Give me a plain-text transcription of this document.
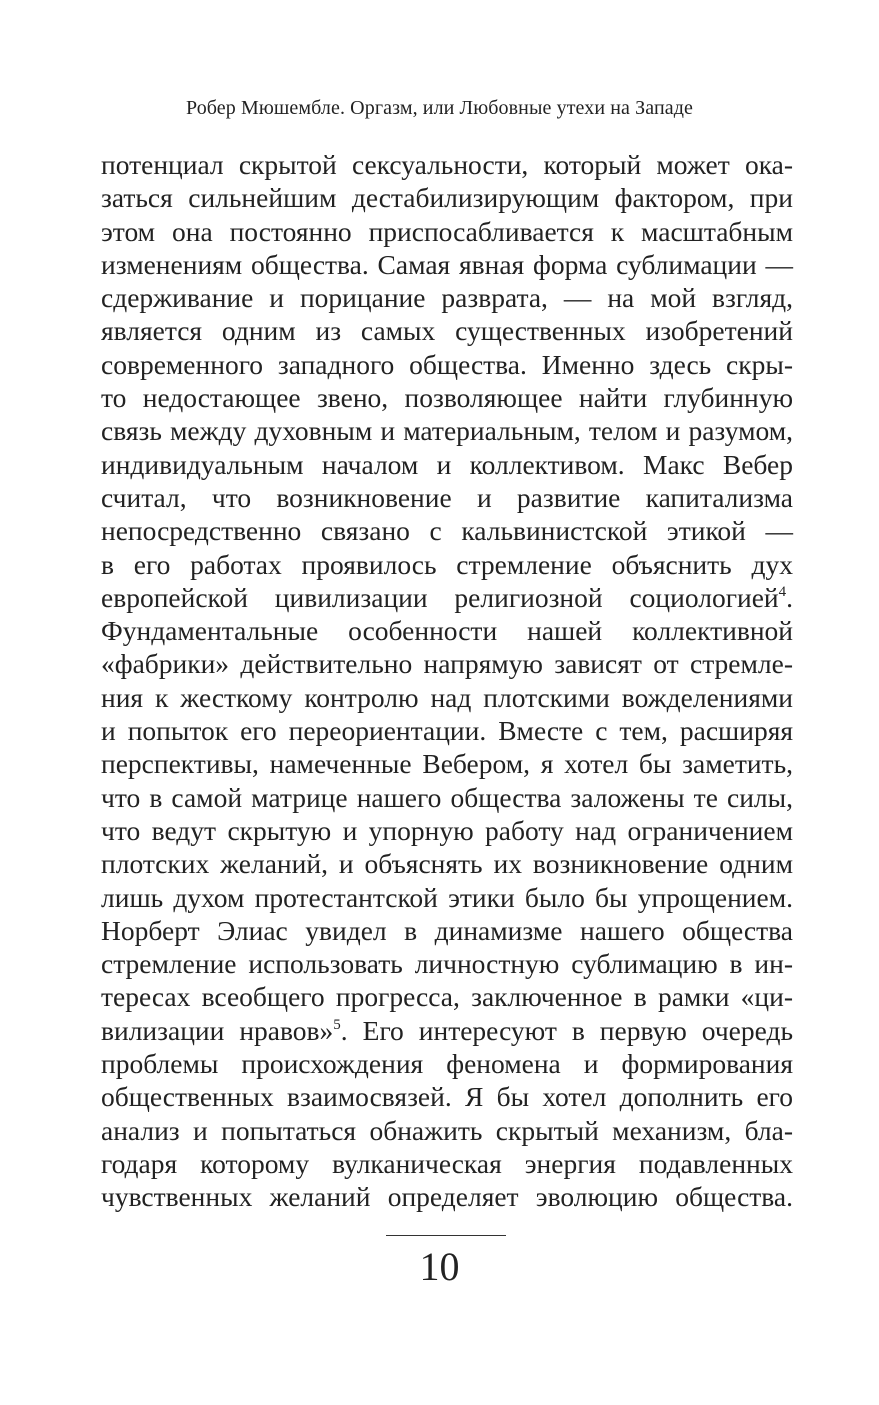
Робер Мюшембле. Оргазм, или Любовные утехи на Западе
потенциал скрытой сексуальности, который может ока-
заться сильнейшим дестабилизирующим фактором, при
этом она постоянно приспосабливается к масштабным
изменениям общества. Самая явная форма сублимации —
сдерживание и порицание разврата, — на мой взгляд,
является одним из самых существенных изобретений
современного западного общества. Именно здесь скры-
то недостающее звено, позволяющее найти глубинную
связь между духовным и материальным, телом и разумом,
индивидуальным началом и коллективом. Макс Вебер
считал, что возникновение и развитие капитализма
непосредственно связано с кальвинистской этикой —
в его работах проявилось стремление объяснить дух
европейской цивилизации религиозной социологией$^4$.
Фундаментальные особенности нашей коллективной
«фабрики» действительно напрямую зависят от стремле-
ния к жесткому контролю над плотскими вожделениями
и попыток его переориентации. Вместе с тем, расширяя
перспективы, намеченные Вебером, я хотел бы заметить,
что в самой матрице нашего общества заложены те силы,
что ведут скрытую и упорную работу над ограничением
плотских желаний, и объяснять их возникновение одним
лишь духом протестантской этики было бы упрощением.
Норберт Элиас увидел в динамизме нашего общества
стремление использовать личностную сублимацию в ин-
тересах всеобщего прогресса, заключенное в рамки «ци-
вилизации нравов»$^5$. Его интересуют в первую очередь
проблемы происхождения феномена и формирования
общественных взаимосвязей. Я бы хотел дополнить его
анализ и попытаться обнажить скрытый механизм, бла-
годаря которому вулканическая энергия подавленных
чувственных желаний определяет эволюцию общества.
10
